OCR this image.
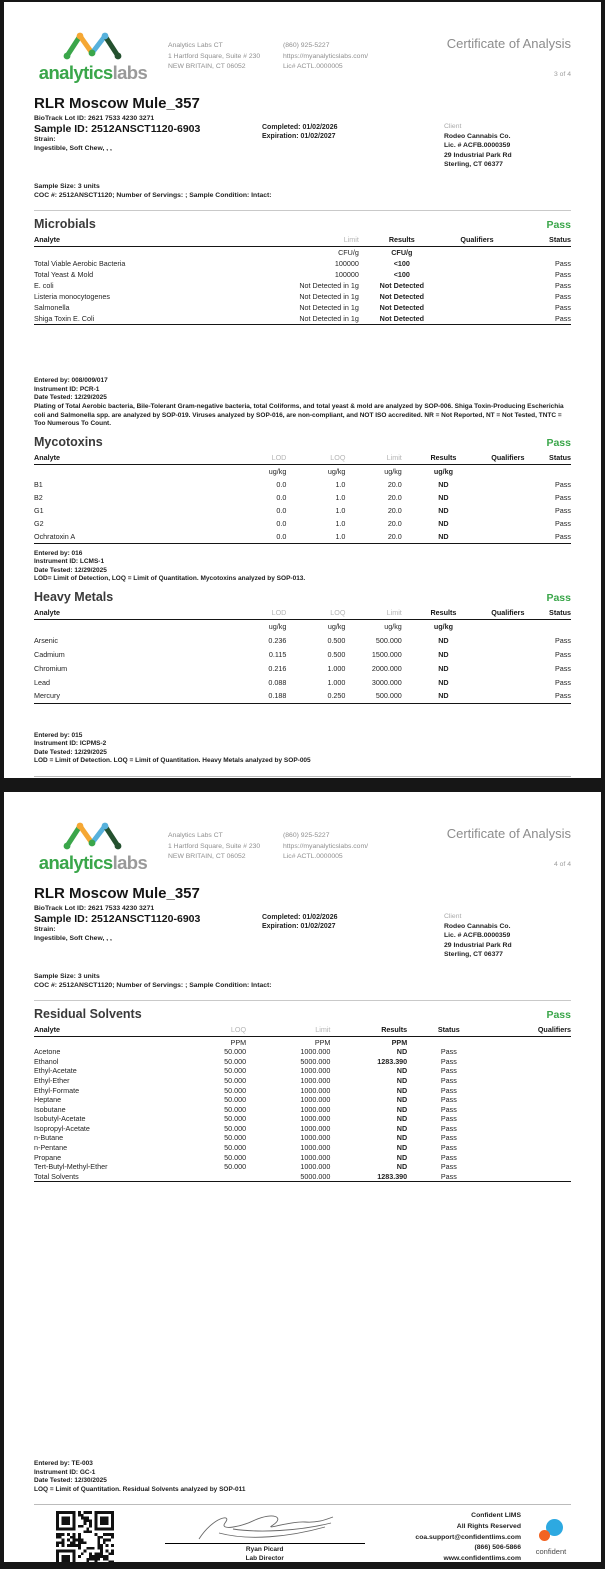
analyticslabs
Analytics Labs CT
1 Hartford Square, Suite # 230
NEW BRITAIN, CT 06052
(860) 925-5227
https://myanalyticslabs.com/
Lic# ACTL.0000005
Certificate of Analysis
3 of 4
RLR Moscow Mule_357
BioTrack Lot ID: 2621 7533 4230 3271
Sample ID: 2512ANSCT1120-6903
Strain:
Ingestible, Soft Chew, , ,
Completed: 01/02/2026
Expiration: 01/02/2027
Client
Rodeo Cannabis Co.
Lic. # ACFB.0000359
29 Industrial Park Rd
Sterling, CT 06377
Sample Size: 3 units
COC #: 2512ANSCT1120; Number of Servings: ; Sample Condition: Intact:
Microbials	Pass
Analyte	Limit	Results	Qualifiers	Status
	CFU/g	CFU/g		
Total Viable Aerobic Bacteria	100000	<100		Pass
Total Yeast & Mold	100000	<100		Pass
E. coli	Not Detected in 1g	Not Detected		Pass
Listeria monocytogenes	Not Detected in 1g	Not Detected		Pass
Salmonella	Not Detected in 1g	Not Detected		Pass
Shiga Toxin E. Coli	Not Detected in 1g	Not Detected		Pass
Entered by: 008/009/017
Instrument ID: PCR-1
Date Tested: 12/29/2025
Plating of Total Aerobic bacteria, Bile-Tolerant Gram-negative bacteria, total Coliforms, and total yeast & mold are analyzed by SOP-006. Shiga Toxin-Producing Escherichia coli and Salmonella spp. are analyzed by SOP-019. Viruses analyzed by SOP-016, are non-compliant, and NOT ISO accredited. NR = Not Reported, NT = Not Tested, TNTC = Too Numerous To Count.
Mycotoxins	Pass
Analyte	LOD	LOQ	Limit	Results	Qualifiers	Status
	ug/kg	ug/kg	ug/kg	ug/kg		
B1	0.0	1.0	20.0	ND		Pass
B2	0.0	1.0	20.0	ND		Pass
G1	0.0	1.0	20.0	ND		Pass
G2	0.0	1.0	20.0	ND		Pass
Ochratoxin A	0.0	1.0	20.0	ND		Pass
Entered by: 016
Instrument ID: LCMS-1
Date Tested: 12/29/2025
LOD= Limit of Detection, LOQ = Limit of Quantitation. Mycotoxins analyzed by SOP-013.
Heavy Metals	Pass
Analyte	LOD	LOQ	Limit	Results	Qualifiers	Status
	ug/kg	ug/kg	ug/kg	ug/kg		
Arsenic	0.236	0.500	500.000	ND		Pass
Cadmium	0.115	0.500	1500.000	ND		Pass
Chromium	0.216	1.000	2000.000	ND		Pass
Lead	0.088	1.000	3000.000	ND		Pass
Mercury	0.188	0.250	500.000	ND		Pass
Entered by: 015
Instrument ID: ICPMS-2
Date Tested: 12/29/2025
LOD = Limit of Detection. LOQ = Limit of Quantitation. Heavy Metals analyzed by SOP-005
analyticslabs
Analytics Labs CT
1 Hartford Square, Suite # 230
NEW BRITAIN, CT 06052
(860) 925-5227
https://myanalyticslabs.com/
Lic# ACTL.0000005
Certificate of Analysis
4 of 4
RLR Moscow Mule_357
BioTrack Lot ID: 2621 7533 4230 3271
Sample ID: 2512ANSCT1120-6903
Strain:
Ingestible, Soft Chew, , ,
Completed: 01/02/2026
Expiration: 01/02/2027
Client
Rodeo Cannabis Co.
Lic. # ACFB.0000359
29 Industrial Park Rd
Sterling, CT 06377
Sample Size: 3 units
COC #: 2512ANSCT1120; Number of Servings: ; Sample Condition: Intact:
Residual Solvents	Pass
Analyte	LOQ	Limit	Results	Status	Qualifiers
	PPM	PPM	PPM		
Acetone	50.000	1000.000	ND	Pass	
Ethanol	50.000	5000.000	1283.390	Pass	
Ethyl-Acetate	50.000	1000.000	ND	Pass	
Ethyl-Ether	50.000	1000.000	ND	Pass	
Ethyl-Formate	50.000	1000.000	ND	Pass	
Heptane	50.000	1000.000	ND	Pass	
Isobutane	50.000	1000.000	ND	Pass	
Isobutyl-Acetate	50.000	1000.000	ND	Pass	
Isopropyl-Acetate	50.000	1000.000	ND	Pass	
n-Butane	50.000	1000.000	ND	Pass	
n-Pentane	50.000	1000.000	ND	Pass	
Propane	50.000	1000.000	ND	Pass	
Tert-Butyl-Methyl-Ether	50.000	1000.000	ND	Pass	
Total Solvents		5000.000	1283.390	Pass	
Entered by: TE-003
Instrument ID: GC-1
Date Tested: 12/30/2025
LOQ = Limit of Quantitation. Residual Solvents analyzed by SOP-011
Ryan Picard
Lab Director
Confident LIMS
All Rights Reserved
coa.support@confidentlims.com
(866) 506-5866
www.confidentlims.com
confident
